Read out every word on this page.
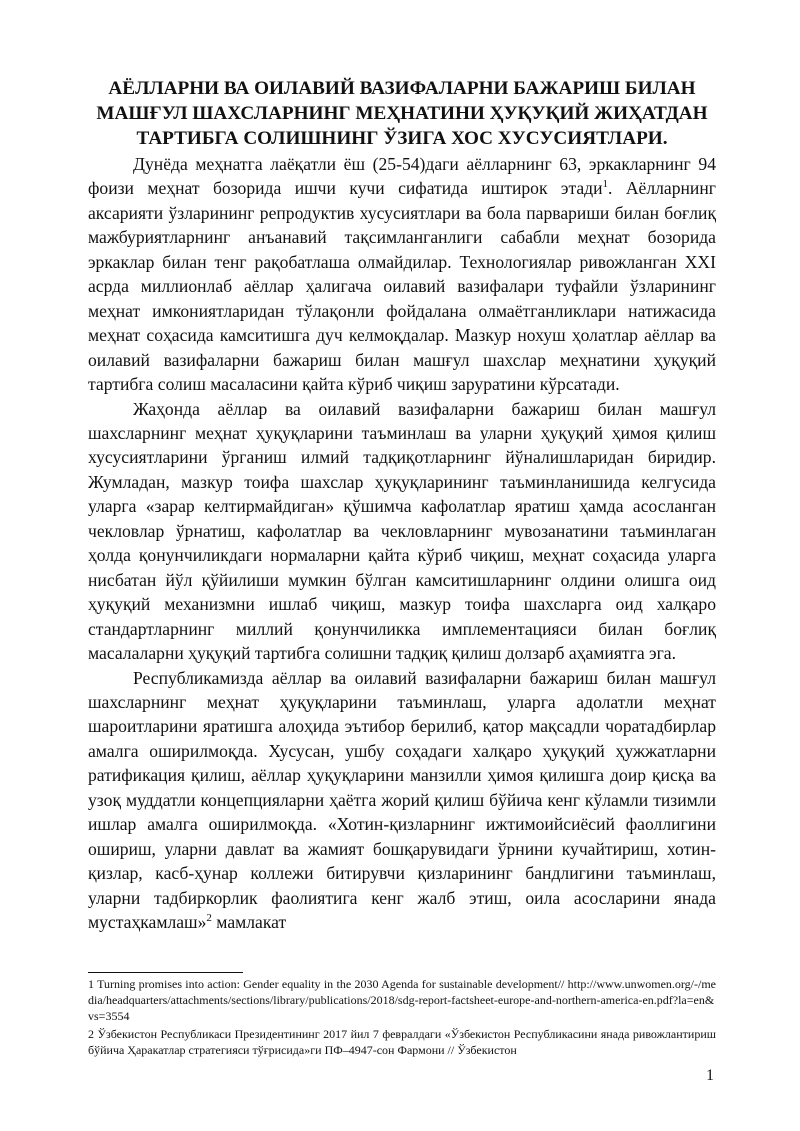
АЁЛЛАРНИ ВА ОИЛАВИЙ ВАЗИФАЛАРНИ БАЖАРИШ БИЛАН
МАШҒУЛ ШАХСЛАРНИНГ МЕҲНАТИНИ ҲУҚУҚИЙ ЖИҲАТДАН
ТАРТИБГА СОЛИШНИНГ ЎЗИГА ХОС ХУСУСИЯТЛАРИ.

Дунёда меҳнатга лаёқатли ёш (25-54)даги аёлларнинг 63, эркакларнинг 94 фоизи меҳнат бозорида ишчи кучи сифатида иштирок этади$^1$. Аёлларнинг аксарияти ўзларининг репродуктив хусусиятлари ва бола парвариши билан боғлиқ мажбуриятларнинг анъанавий тақсимланганлиги сабабли меҳнат бозорида эркаклар билан тенг рақобатлаша олмайдилар. Технологиялар ривожланган XXI асрда миллионлаб аёллар ҳалигача оилавий вазифалари туфайли ўзларининг меҳнат имкониятларидан тўлақонли фойдалана олмаётганликлари натижасида меҳнат соҳасида камситишга дуч келмоқдалар. Мазкур нохуш ҳолатлар аёллар ва оилавий вазифаларни бажариш билан машғул шахслар меҳнатини ҳуқуқий тартибга солиш масаласини қайта кўриб чиқиш заруратини кўрсатади.

Жаҳонда аёллар ва оилавий вазифаларни бажариш билан машғул шахсларнинг меҳнат ҳуқуқларини таъминлаш ва уларни ҳуқуқий ҳимоя қилиш хусусиятларини ўрганиш илмий тадқиқотларнинг йўналишларидан биридир. Жумладан, мазкур тоифа шахслар ҳуқуқларининг таъминланишида келгусида уларга «зарар келтирмайдиган» қўшимча кафолатлар яратиш ҳамда асосланган чекловлар ўрнатиш, кафолатлар ва чекловларнинг мувозанатини таъминлаган ҳолда қонунчиликдаги нормаларни қайта кўриб чиқиш, меҳнат соҳасида уларга нисбатан йўл қўйилиши мумкин бўлган камситишларнинг олдини олишга оид ҳуқуқий механизмни ишлаб чиқиш, мазкур тоифа шахсларга оид халқаро стандартларнинг миллий қонунчиликка имплементацияси билан боғлиқ масалаларни ҳуқуқий тартибга солишни тадқиқ қилиш долзарб аҳамиятга эга.

Республикамизда аёллар ва оилавий вазифаларни бажариш билан машғул шахсларнинг меҳнат ҳуқуқларини таъминлаш, уларга адолатли меҳнат шароитларини яратишга алоҳида эътибор берилиб, қатор мақсадли чоратадбирлар амалга оширилмоқда. Хусусан, ушбу соҳадаги халқаро ҳуқуқий ҳужжатларни ратификация қилиш, аёллар ҳуқуқларини манзилли ҳимоя қилишга доир қисқа ва узоқ муддатли концепцияларни ҳаётга жорий қилиш бўйича кенг кўламли тизимли ишлар амалга оширилмоқда. «Хотин-қизларнинг ижтимоийсиёсий фаоллигини ошириш, уларни давлат ва жамият бошқарувидаги ўрнини кучайтириш, хотин-қизлар, касб-ҳунар коллежи битирувчи қизларининг бандлигини таъминлаш, уларни тадбиркорлик фаолиятига кенг жалб этиш, оила асосларини янада мустаҳкамлаш»$^2$ мамлакат

1 Turning promises into action: Gender equality in the 2030 Agenda for sustainable development// http://www.unwomen.org/-/media/headquarters/attachments/sections/library/publications/2018/sdg-report-factsheet-europe-and-northern-america-en.pdf?la=en&vs=3554

2 Ўзбекистон Республикаси Президентининг 2017 йил 7 февралдаги «Ўзбекистон Республикасини янада ривожлантириш бўйича Ҳаракатлар стратегияси тўғрисида»ги ПФ–4947-сон Фармони // Ўзбекистон

1
